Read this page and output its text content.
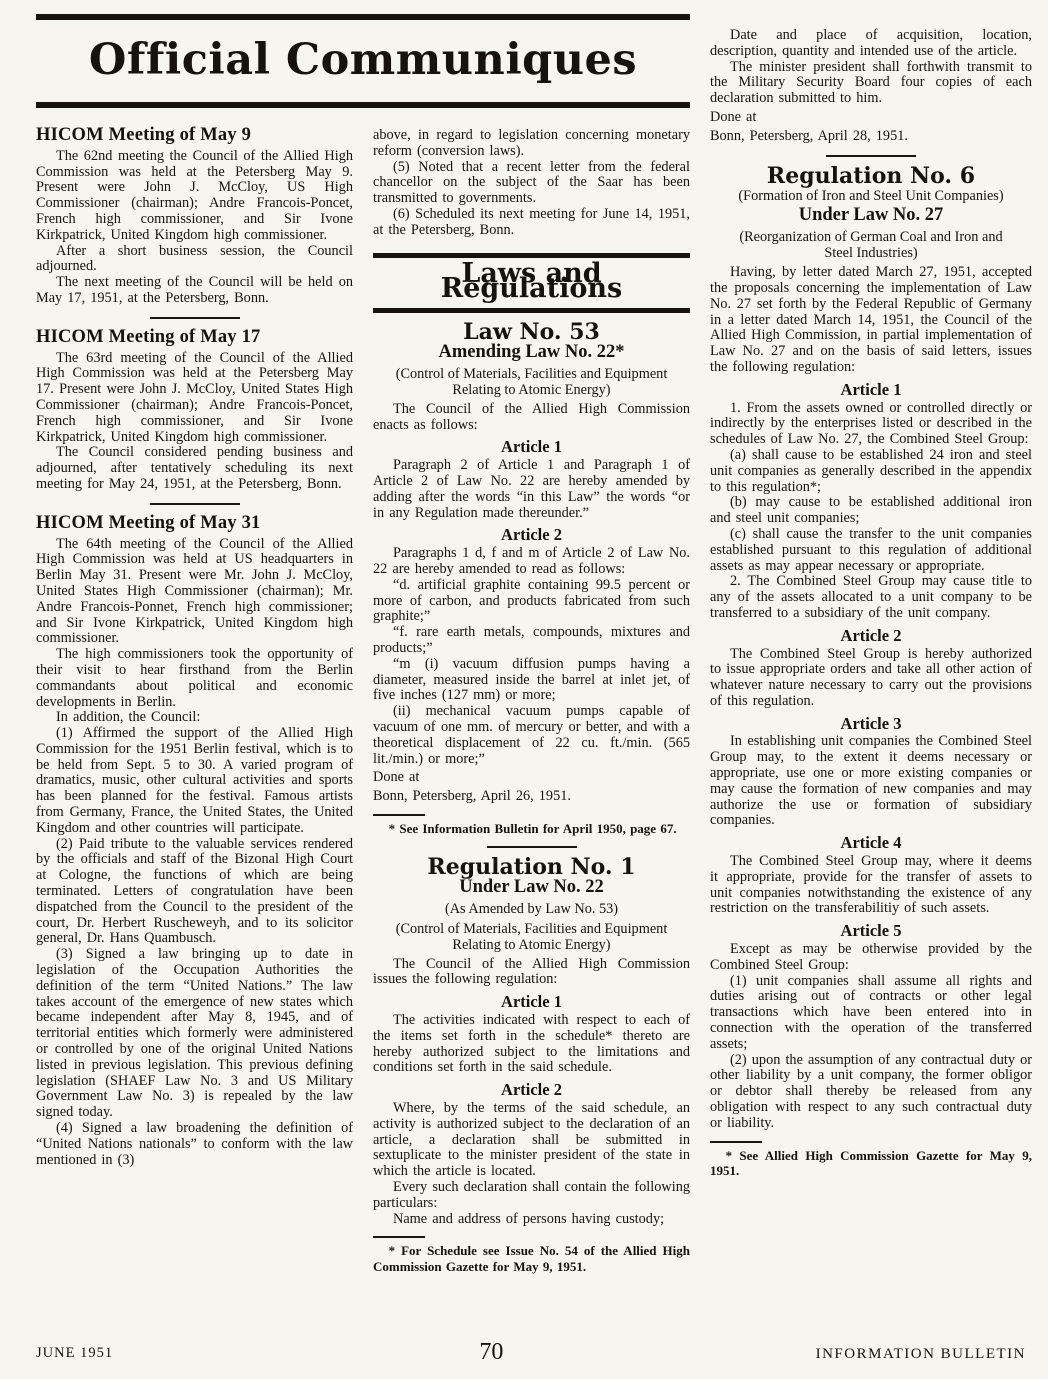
Official Communiques
HICOM Meeting of May 9

The 62nd meeting the Council of the Allied High Commission was held at the Petersberg May 9. Present were John J. McCloy, US High Commissioner (chairman); Andre Francois-Poncet, French high commissioner, and Sir Ivone Kirkpatrick, United Kingdom high commissioner.

After a short business session, the Council adjourned.

The next meeting of the Council will be held on May 17, 1951, at the Petersberg, Bonn.

HICOM Meeting of May 17

The 63rd meeting of the Council of the Allied High Commission was held at the Petersberg May 17. Present were John J. McCloy, United States High Commissioner (chairman); Andre Francois-Poncet, French high commissioner, and Sir Ivone Kirkpatrick, United Kingdom high commissioner.

The Council considered pending business and adjourned, after tentatively scheduling its next meeting for May 24, 1951, at the Petersberg, Bonn.

HICOM Meeting of May 31

The 64th meeting of the Council of the Allied High Commission was held at US headquarters in Berlin May 31. Present were Mr. John J. McCloy, United States High Commissioner (chairman); Mr. Andre Francois-Ponnet, French high commissioner; and Sir Ivone Kirkpatrick, United Kingdom high commissioner.

The high commissioners took the opportunity of their visit to hear firsthand from the Berlin commandants about political and economic developments in Berlin.

In addition, the Council:

(1) Affirmed the support of the Allied High Commission for the 1951 Berlin festival, which is to be held from Sept. 5 to 30. A varied program of dramatics, music, other cultural activities and sports has been planned for the festival. Famous artists from Germany, France, the United States, the United Kingdom and other countries will participate.

(2) Paid tribute to the valuable services rendered by the officials and staff of the Bizonal High Court at Cologne, the functions of which are being terminated. Letters of congratulation have been dispatched from the Council to the president of the court, Dr. Herbert Ruscheweyh, and to its solicitor general, Dr. Hans Quambusch.

(3) Signed a law bringing up to date in legislation of the Occupation Authorities the definition of the term “United Nations.” The law takes account of the emergence of new states which became independent after May 8, 1945, and of territorial entities which formerly were administered or controlled by one of the original United Nations listed in previous legislation. This previous defining legislation (SHAEF Law No. 3 and US Military Government Law No. 3) is repealed by the law signed today.

(4) Signed a law broadening the definition of “United Nations nationals” to conform with the law mentioned in (3)

above, in regard to legislation concerning monetary reform (conversion laws).

(5) Noted that a recent letter from the federal chancellor on the subject of the Saar has been transmitted to governments.

(6) Scheduled its next meeting for June 14, 1951, at the Petersberg, Bonn.

Laws and Regulations
Law No. 53
Amending Law No. 22*

(Control of Materials, Facilities and Equipment Relating to Atomic Energy)

The Council of the Allied High Commission enacts as follows:

Article 1

Paragraph 2 of Article 1 and Paragraph 1 of Article 2 of Law No. 22 are hereby amended by adding after the words “in this Law” the words “or in any Regulation made thereunder.”

Article 2

Paragraphs 1 d, f and m of Article 2 of Law No. 22 are hereby amended to read as follows:

“d. artificial graphite containing 99.5 percent or more of carbon, and products fabricated from such graphite;”

“f. rare earth metals, compounds, mixtures and products;”

“m (i) vacuum diffusion pumps having a diameter, measured inside the barrel at inlet jet, of five inches (127 mm) or more;

(ii) mechanical vacuum pumps capable of vacuum of one mm. of mercury or better, and with a theoretical displacement of 22 cu. ft./min. (565 lit./min.) or more;”

Done at

Bonn, Petersberg, April 26, 1951.

* See Information Bulletin for April 1950, page 67.

Regulation No. 1
Under Law No. 22

(As Amended by Law No. 53)

(Control of Materials, Facilities and Equipment Relating to Atomic Energy)

The Council of the Allied High Commission issues the following regulation:

Article 1

The activities indicated with respect to each of the items set forth in the schedule* thereto are hereby authorized subject to the limitations and conditions set forth in the said schedule.

Article 2

Where, by the terms of the said schedule, an activity is authorized subject to the declaration of an article, a declaration shall be submitted in sextuplicate to the minister president of the state in which the article is located.

Every such declaration shall contain the following particulars:

Name and address of persons having custody;

* For Schedule see Issue No. 54 of the Allied High Commission Gazette for May 9, 1951.

Date and place of acquisition, location, description, quantity and intended use of the article.

The minister president shall forthwith transmit to the Military Security Board four copies of each declaration submitted to him.

Done at

Bonn, Petersberg, April 28, 1951.

Regulation No. 6

(Formation of Iron and Steel Unit Companies)

Under Law No. 27

(Reorganization of German Coal and Iron and Steel Industries)

Having, by letter dated March 27, 1951, accepted the proposals concerning the implementation of Law No. 27 set forth by the Federal Republic of Germany in a letter dated March 14, 1951, the Council of the Allied High Commission, in partial implementation of Law No. 27 and on the basis of said letters, issues the following regulation:

Article 1

1. From the assets owned or controlled directly or indirectly by the enterprises listed or described in the schedules of Law No. 27, the Combined Steel Group:

(a) shall cause to be established 24 iron and steel unit companies as generally described in the appendix to this regulation*;

(b) may cause to be established additional iron and steel unit companies;

(c) shall cause the transfer to the unit companies established pursuant to this regulation of additional assets as may appear necessary or appropriate.

2. The Combined Steel Group may cause title to any of the assets allocated to a unit company to be transferred to a subsidiary of the unit company.

Article 2

The Combined Steel Group is hereby authorized to issue appropriate orders and take all other action of whatever nature necessary to carry out the provisions of this regulation.

Article 3

In establishing unit companies the Combined Steel Group may, to the extent it deems necessary or appropriate, use one or more existing companies or may cause the formation of new companies and may authorize the use or formation of subsidiary companies.

Article 4

The Combined Steel Group may, where it deems it appropriate, provide for the transfer of assets to unit companies notwithstanding the existence of any restriction on the transferabilitiy of such assets.

Article 5

Except as may be otherwise provided by the Combined Steel Group:

(1) unit companies shall assume all rights and duties arising out of contracts or other legal transactions which have been entered into in connection with the operation of the transferred assets;

(2) upon the assumption of any contractual duty or other liability by a unit company, the former obligor or debtor shall thereby be released from any obligation with respect to any such contractual duty or liability.

* See Allied High Commission Gazette for May 9, 1951.

JUNE 1951	70	INFORMATION BULLETIN
